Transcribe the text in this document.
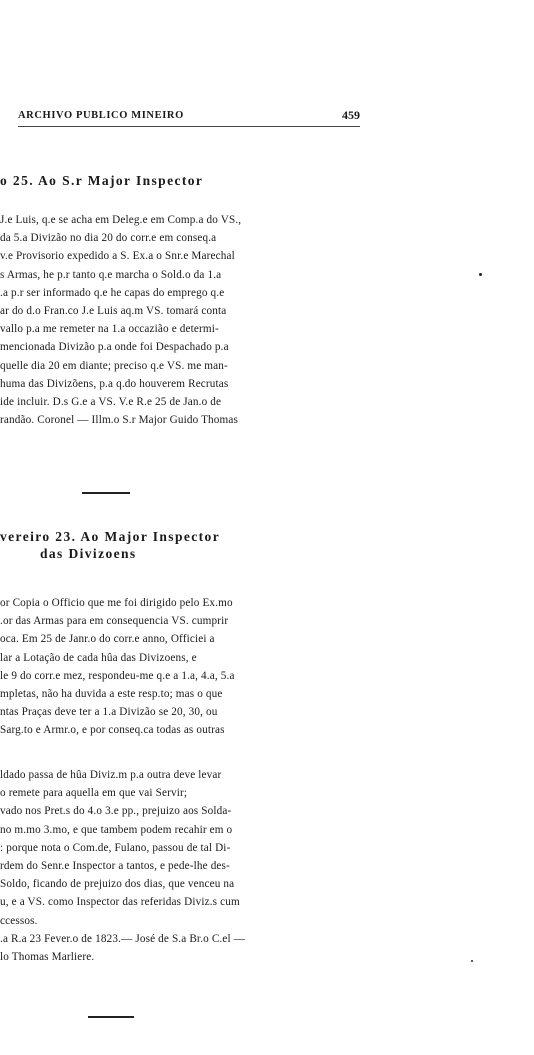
ARCHIVO PUBLICO MINEIRO	459
o 25. Ao S.r Major Inspector
J.e Luis, q.e se acha em Deleg.e em Comp.a do VS.,
da 5.a Divizão no dia 20 do corr.e em conseq.a
v.e Provisorio expedido a S. Ex.a o Snr.e Marechal
s Armas, he p.r tanto q.e marcha o Sold.o da 1.a
.a p.r ser informado q.e he capas do emprego q.e
ar do d.o Fran.co J.e Luis aq.m VS. tomará conta
vallo p.a me remeter na 1.a occazião e determi-
mencionada Divizão p.a onde foi Despachado p.a
quelle dia 20 em diante; preciso q.e VS. me man-
huma das Divizõens, p.a q.do houverem Recrutas
ide incluir. D.s G.e a VS. V.e R.e 25 de Jan.o de
randão. Coronel — Illm.o S.r Major Guido Thomas
vereiro 23. Ao Major Inspector
das Divizoens
or Copia o Officio que me foi dirigido pelo Ex.mo
.or das Armas para em consequencia VS. cumprir
oca. Em 25 de Janr.o do corr.e anno, Officiei a
lar a Lotação de cada hûa das Divizoens, e
le 9 do corr.e mez, respondeu-me q.e a 1.a, 4.a, 5.a
mpletas, não ha duvida a este resp.to; mas o que
ntas Praças deve ter a 1.a Divizão se 20, 30, ou
Sarg.to e Armr.o, e por conseq.ca todas as outras
ldado passa de hûa Diviz.m p.a outra deve levar
o remete para aquella em que vai Servir;
vado nos Pret.s do 4.o 3.e pp., prejuizo aos Solda-
no m.mo 3.mo, e que tambem podem recahir em o
: porque nota o Com.de, Fulano, passou de tal Di-
rdem do Senr.e Inspector a tantos, e pede-lhe des-
Soldo, ficando de prejuizo dos dias, que venceu na
u, e a VS. como Inspector das referidas Diviz.s cum
ccessos.
.a R.a 23 Fever.o de 1823.— José de S.a Br.o C.el —
lo Thomas Marliere.
